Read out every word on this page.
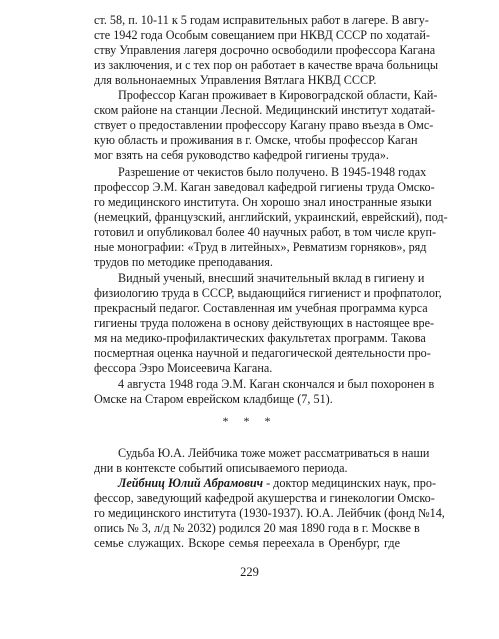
ст. 58, п. 10-11 к 5 годам исправительных работ в лагере. В авгу-
сте 1942 года Особым совещанием при НКВД СССР по ходатай-
ству Управления лагеря досрочно освободили профессора Кагана
из заключения, и с тех пор он работает в качестве врача больницы
для вольнонаемных Управления Вятлага НКВД СССР.
Профессор Каган проживает в Кировоградской области, Кай-
ском районе на станции Лесной. Медицинский институт ходатай-
ствует о предоставлении профессору Кагану право въезда в Омс-
кую область и проживания в г. Омске, чтобы профессор Каган
мог взять на себя руководство кафедрой гигиены труда».
Разрешение от чекистов было получено. В 1945-1948 годах
профессор Э.М. Каган заведовал кафедрой гигиены труда Омско-
го медицинского института. Он хорошо знал иностранные языки
(немецкий, французский, английский, украинский, еврейский), под-
готовил и опубликовал более 40 научных работ, в том числе круп-
ные монографии: «Труд в литейных», Ревматизм горняков», ряд
трудов по методике преподавания.
Видный ученый, внесший значительный вклад в гигиену и
физиологию труда в СССР, выдающийся гигиенист и профпатолог,
прекрасный педагог. Составленная им учебная программа курса
гигиены труда положена в основу действующих в настоящее вре-
мя на медико-профилактических факультетах программ. Такова
посмертная оценка научной и педагогической деятельности про-
фессора Эзро Моисеевича Кагана.
* * *
Судьба Ю.А. Лейбчика тоже может рассматриваться в наши
дни в контексте событий описываемого периода.
Лейбниц Юлий Абрамович - доктор медицинских наук, про-
фессор, заведующий кафедрой акушерства и гинекологии Омско-
го медицинского института (1930-1937). Ю.А. Лейбчик (фонд №14,
опись № 3, л/д № 2032) родился 20 мая 1890 года в г. Москве в
семье служащих. Вскоре семья переехала в Оренбург, где
229
4 августа 1948 года Э.М. Каган скончался и был похоронен в
Омске на Старом еврейском кладбище (7, 51).
